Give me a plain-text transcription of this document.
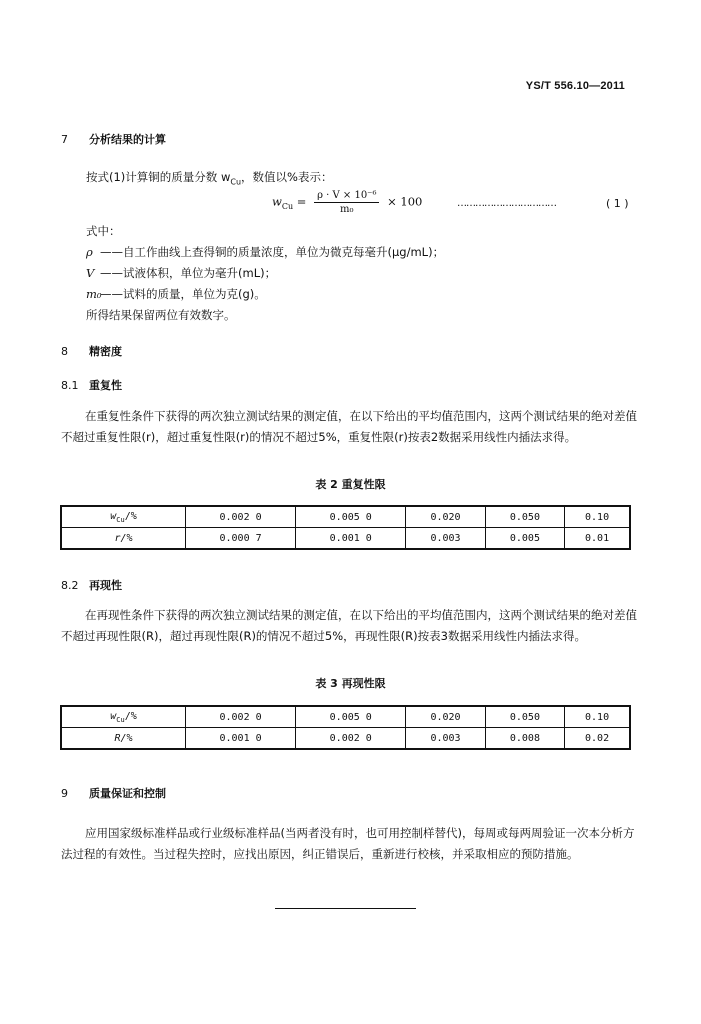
YS/T 556.10—2011
7 分析结果的计算
按式(1)计算铜的质量分数 $w_{Cu}$，数值以%表示：
$w_{Cu} = \frac{\text{ρ · V × 10⁻⁶}}{\text{m₀}} \times 100$	……………………………	( 1 )
式中：
ρ ——自工作曲线上查得铜的质量浓度，单位为微克每毫升(μg/mL)；
V ——试液体积，单位为毫升(mL)；
m₀——试料的质量，单位为克(g)。
所得结果保留两位有效数字。
8 精密度
8.1 重复性
在重复性条件下获得的两次独立测试结果的测定值，在以下给出的平均值范围内，这两个测试结果的绝对差值不超过重复性限(r)，超过重复性限(r)的情况不超过5%，重复性限(r)按表2数据采用线性内插法求得。
表 2 重复性限
$w_{Cu}/\%$	0.002 0	0.005 0	0.020	0.050	0.10
r/%	0.000 7	0.001 0	0.003	0.005	0.01
8.2 再现性
在再现性条件下获得的两次独立测试结果的测定值，在以下给出的平均值范围内，这两个测试结果的绝对差值不超过再现性限(R)，超过再现性限(R)的情况不超过5%，再现性限(R)按表3数据采用线性内插法求得。
表 3 再现性限
$w_{Cu}/\%$	0.002 0	0.005 0	0.020	0.050	0.10
R/%	0.001 0	0.002 0	0.003	0.008	0.02
9 质量保证和控制
应用国家级标准样品或行业级标准样品(当两者没有时，也可用控制样替代)，每周或每两周验证一次本分析方法过程的有效性。当过程失控时，应找出原因，纠正错误后，重新进行校核，并采取相应的预防措施。
